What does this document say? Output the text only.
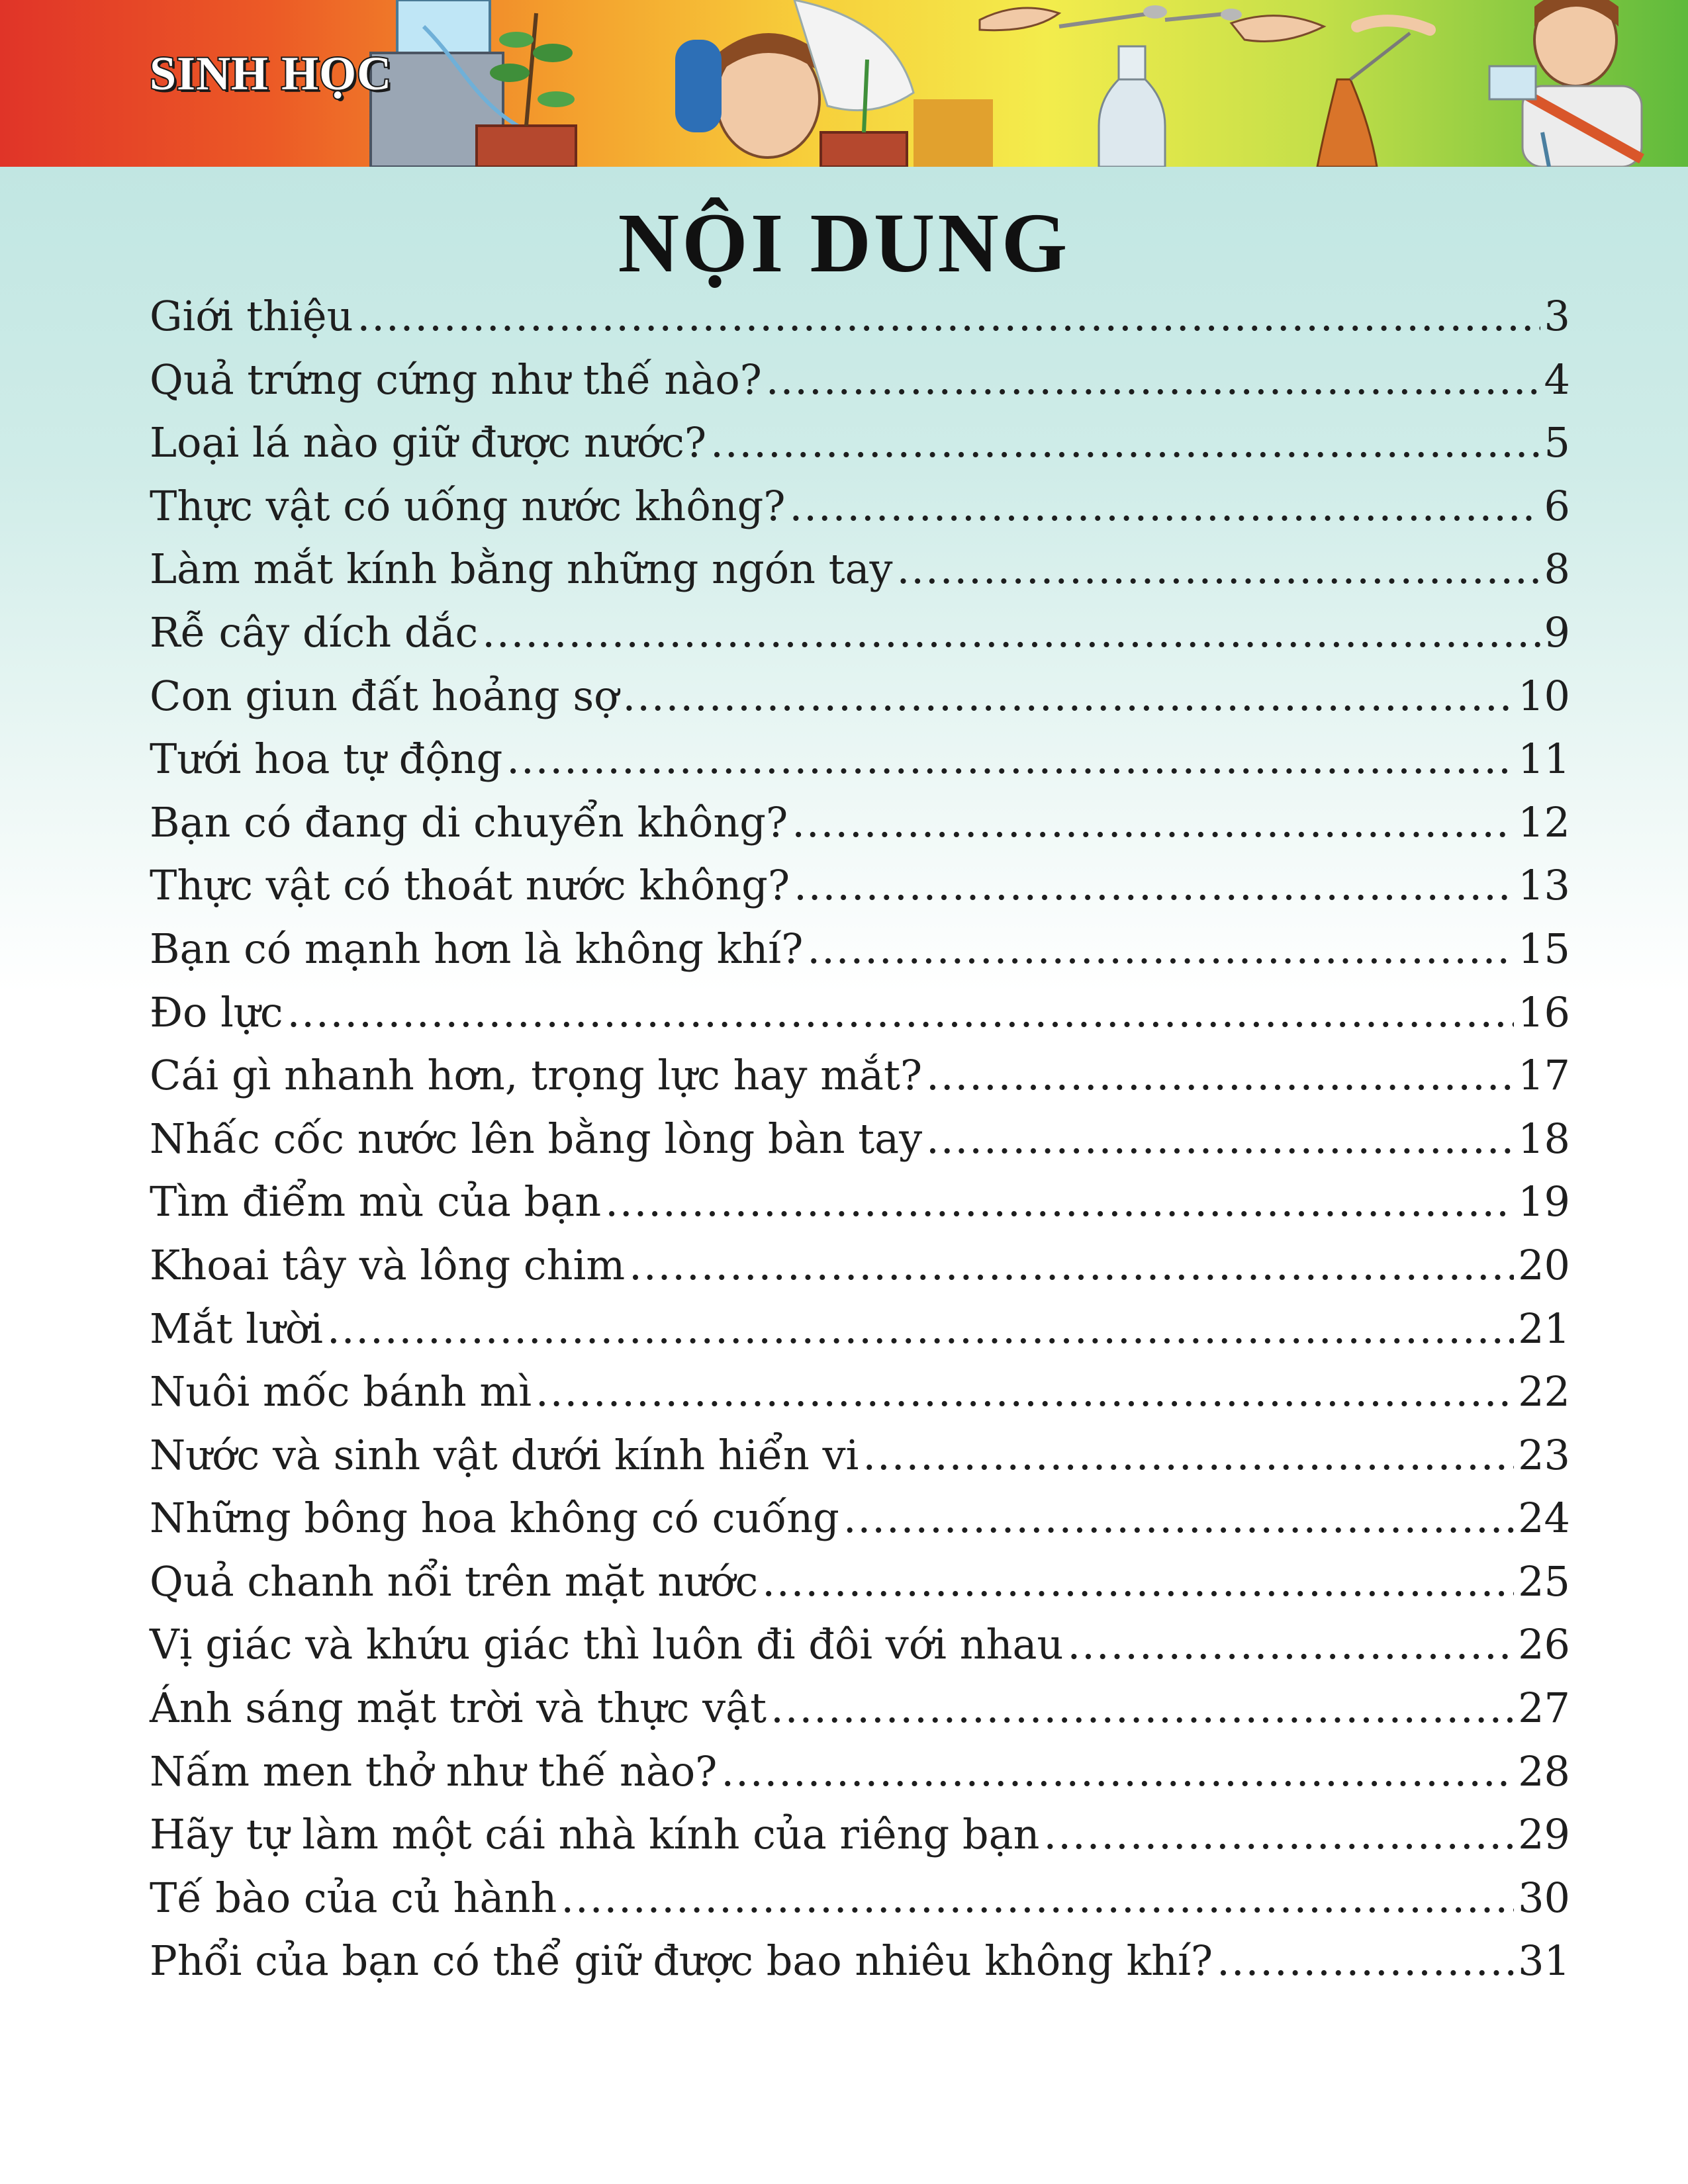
SINH HỌC
NỘI DUNG
Giới thiệu .....	3
Quả trứng cứng như thế nào? .....	4
Loại lá nào giữ được nước? .....	5
Thực vật có uống nước không? .....	6
Làm mắt kính bằng những ngón tay .....	8
Rễ cây dích dắc .....	9
Con giun đất hoảng sợ .....	10
Tưới hoa tự động .....	11
Bạn có đang di chuyển không? .....	12
Thực vật có thoát nước không? .....	13
Bạn có mạnh hơn là không khí? .....	15
Đo lực .....	16
Cái gì nhanh hơn, trọng lực hay mắt? .....	17
Nhấc cốc nước lên bằng lòng bàn tay .....	18
Tìm điểm mù của bạn .....	19
Khoai tây và lông chim .....	20
Mắt lười .....	21
Nuôi mốc bánh mì .....	22
Nước và sinh vật dưới kính hiển vi .....	23
Những bông hoa không có cuống .....	24
Quả chanh nổi trên mặt nước .....	25
Vị giác và khứu giác thì luôn đi đôi với nhau .....	26
Ánh sáng mặt trời và thực vật .....	27
Nấm men thở như thế nào? .....	28
Hãy tự làm một cái nhà kính của riêng bạn .....	29
Tế bào của củ hành .....	30
Phổi của bạn có thể giữ được bao nhiêu không khí? .....	31
